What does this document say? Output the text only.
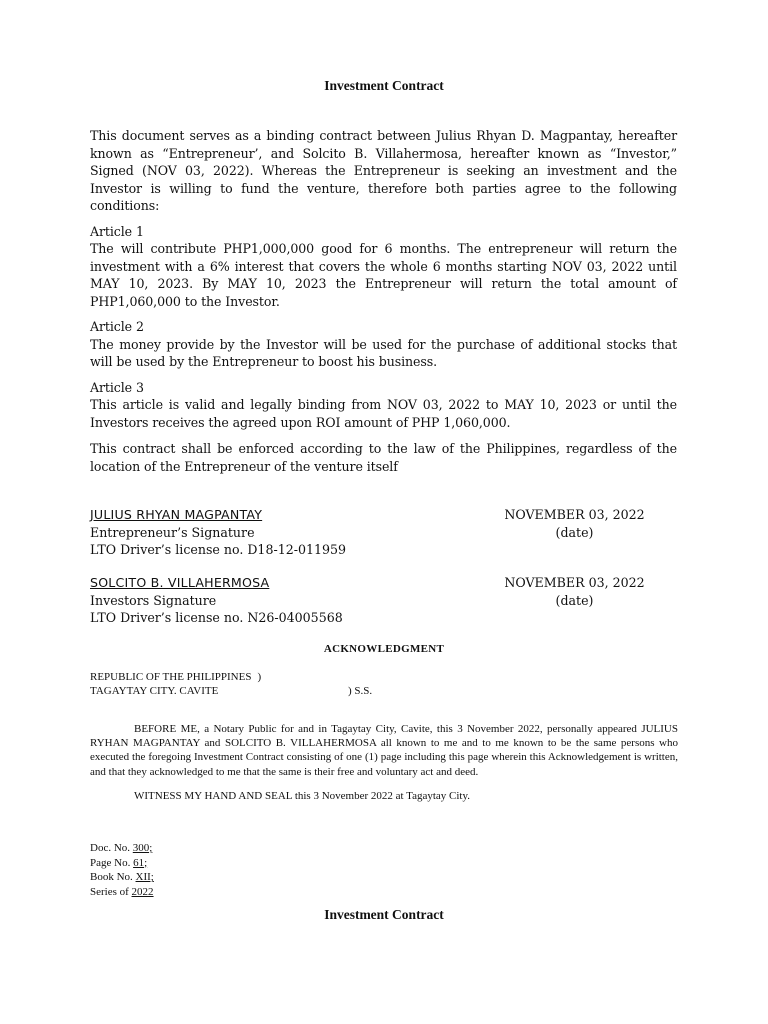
Investment Contract

This document serves as a binding contract between Julius Rhyan D. Magpantay, hereafter known as “Entrepreneur’, and Solcito B. Villahermosa, hereafter known as “Investor,” Signed (NOV 03, 2022). Whereas the Entrepreneur is seeking an investment and the Investor is willing to fund the venture, therefore both parties agree to the following conditions:

Article 1

The will contribute PHP1,000,000 good for 6 months. The entrepreneur will return the investment with a 6% interest that covers the whole 6 months starting NOV 03, 2022 until MAY 10, 2023. By MAY 10, 2023 the Entrepreneur will return the total amount of PHP1,060,000 to the Investor.

Article 2

The money provide by the Investor will be used for the purchase of additional stocks that will be used by the Entrepreneur to boost his business.

Article 3

This article is valid and legally binding from NOV 03, 2022 to MAY 10, 2023 or until the Investors receives the agreed upon ROI amount of PHP 1,060,000.

This contract shall be enforced according to the law of the Philippines, regardless of the location of the Entrepreneur of the venture itself

JULIUS RHYAN MAGPANTAY
Entrepreneur’s Signature
LTO Driver’s license no. D18-12-011959
NOVEMBER 03, 2022
(date)
SOLCITO B. VILLAHERMOSA
Investors Signature
LTO Driver’s license no. N26-04005568
NOVEMBER 03, 2022
(date)
ACKNOWLEDGMENT
REPUBLIC OF THE PHILIPPINES )
TAGAYTAY CITY. CAVITE	) S.S.

BEFORE ME, a Notary Public for and in Tagaytay City, Cavite, this 3 November 2022, personally appeared JULIUS RYHAN MAGPANTAY and SOLCITO B. VILLAHERMOSA all known to me and to me known to be the same persons who executed the foregoing Investment Contract consisting of one (1) page including this page wherein this Acknowledgement is written, and that they acknowledged to me that the same is their free and voluntary act and deed.

WITNESS MY HAND AND SEAL this 3 November 2022 at Tagaytay City.

Doc. No. 300;
Page No. 61;
Book No. XII;
Series of 2022
Investment Contract
